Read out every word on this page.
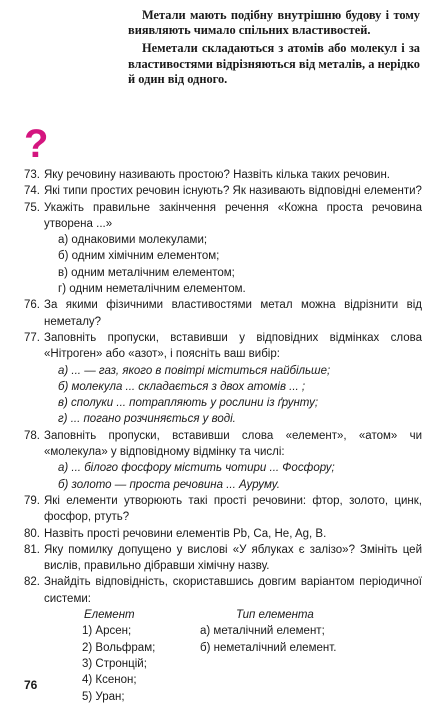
Метали мають подібну внутрішню будову і тому виявляють чимало спільних властивостей.

Неметали складаються з атомів або молекул і за властивостями відрізняються від металів, а нерідко й один від одного.

?
73. Яку речовину називають простою? Назвіть кілька таких речовин.
74. Які типи простих речовин існують? Як називають відповідні елементи?
75. Укажіть правильне закінчення речення «Кожна проста речовина утворена ...»
а) однаковими молекулами;
б) одним хімічним елементом;
в) одним металічним елементом;
г) одним неметалічним елементом.
76. За якими фізичними властивостями метал можна відрізнити від неметалу?
77. Заповніть пропуски, вставивши у відповідних відмінках слова «Нітроген» або «азот», і поясніть ваш вибір:
а) ... — газ, якого в повітрі міститься найбільше;
б) молекула ... складається з двох атомів ... ;
в) сполуки ... потрапляють у рослини із ґрунту;
г) ... погано розчиняється у воді.
78. Заповніть пропуски, вставивши слова «елемент», «атом» чи «молекула» у відповідному відмінку та числі:
а) ... білого фосфору містить чотири ... Фосфору;
б) золото — проста речовина ... Ауруму.
79. Які елементи утворюють такі прості речовини: фтор, золото, цинк, фосфор, ртуть?
80. Назвіть прості речовини елементів Pb, Ca, He, Ag, B.
81. Яку помилку допущено у вислові «У яблуках є залізо»? Змініть цей вислів, правильно дібравши хімічну назву.
82. Знайдіть відповідність, скориставшись довгим варіантом періодичної системи:
Елемент
1) Арсен;
2) Вольфрам;
3) Стронцій;
4) Ксенон;
5) Уран;
Тип елемента
а) металічний елемент;
б) неметалічний елемент.
76
